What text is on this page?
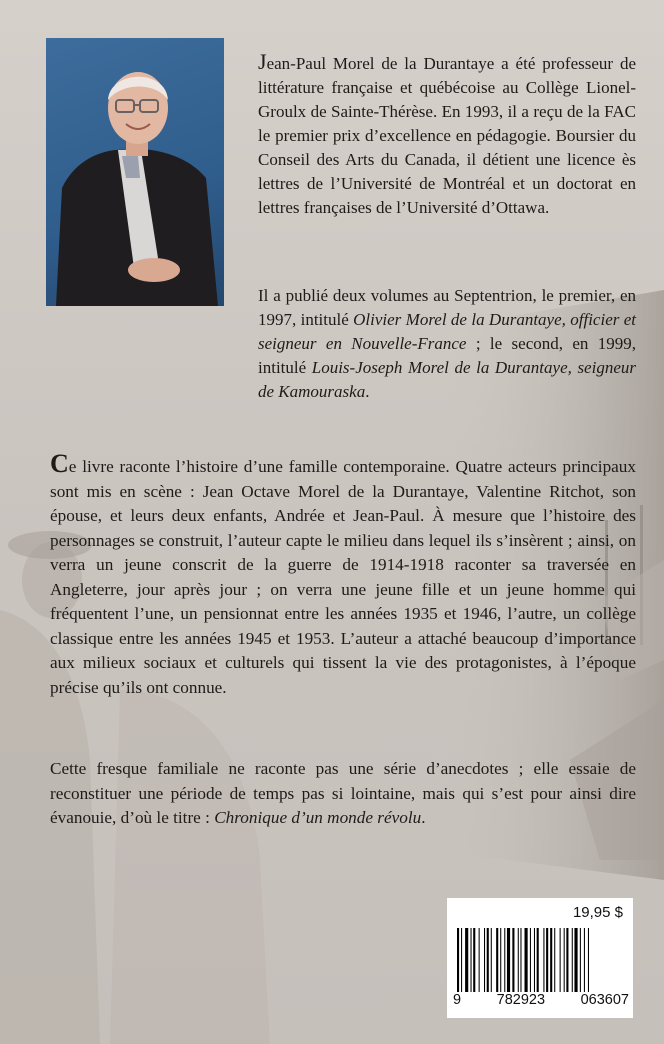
Jean-Paul Morel de la Durantaye a été professeur de littérature française et québécoise au Collège Lionel-Groulx de Sainte-Thérèse. En 1993, il a reçu de la FAC le premier prix d’excellence en pédagogie. Boursier du Conseil des Arts du Canada, il détient une licence ès lettres de l’Université de Montréal et un doctorat en lettres françaises de l’Université d’Ottawa.

Il a publié deux volumes au Septentrion, le premier, en 1997, intitulé Olivier Morel de la Durantaye, officier et seigneur en Nouvelle-France ; le second, en 1999, intitulé Louis-Joseph Morel de la Durantaye, seigneur de Kamouraska.

Ce livre raconte l’histoire d’une famille contemporaine. Quatre acteurs principaux sont mis en scène : Jean Octave Morel de la Durantaye, Valentine Ritchot, son épouse, et leurs deux enfants, Andrée et Jean-Paul. À mesure que l’histoire des personnages se construit, l’auteur capte le milieu dans lequel ils s’insèrent ; ainsi, on verra un jeune conscrit de la guerre de 1914-1918 raconter sa traversée en Angleterre, jour après jour ; on verra une jeune fille et un jeune homme qui fréquentent l’une, un pensionnat entre les années 1935 et 1946, l’autre, un collège classique entre les années 1945 et 1953. L’auteur a attaché beaucoup d’importance aux milieux sociaux et culturels qui tissent la vie des protagonistes, à l’époque précise qu’ils ont connue.

Cette fresque familiale ne raconte pas une série d’anecdotes ; elle essaie de reconstituer une période de temps pas si lointaine, mais qui s’est pour ainsi dire évanouie, d’où le titre : Chronique d’un monde révolu.

19,95 $
9 782923 063607
